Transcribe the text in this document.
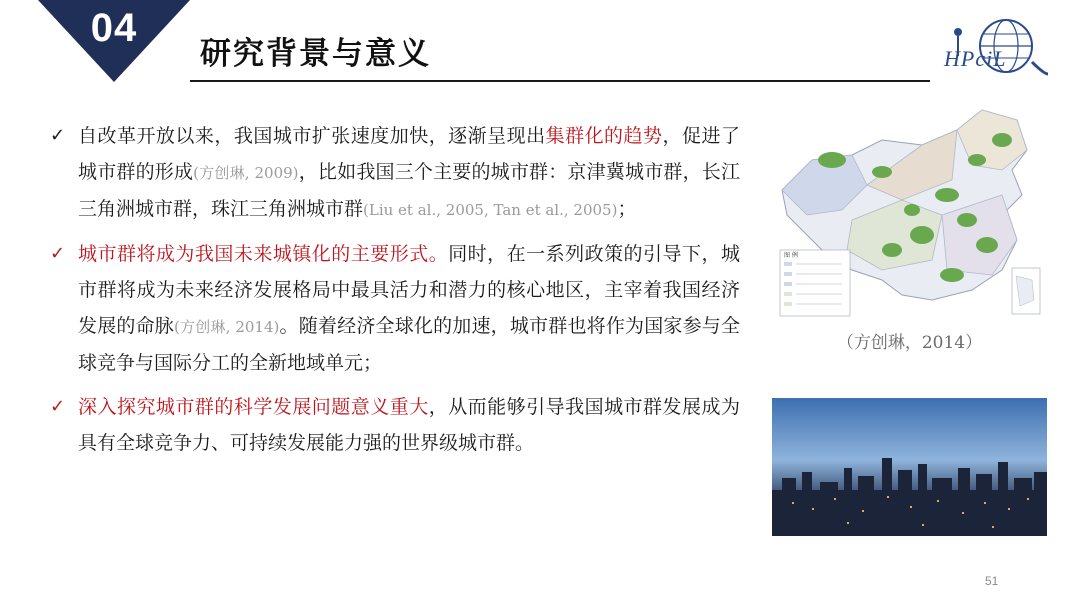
04
研究背景与意义	HPciL
✓ 自改革开放以来，我国城市扩张速度加快，逐渐呈现出集群化的趋势，促进了城市群的形成(方创琳, 2009)，比如我国三个主要的城市群：京津冀城市群，长江三角洲城市群，珠江三角洲城市群(Liu et al., 2005, Tan et al., 2005)；
✓ 城市群将成为我国未来城镇化的主要形式。同时，在一系列政策的引导下，城市群将成为未来经济发展格局中最具活力和潜力的核心地区，主宰着我国经济发展的命脉(方创琳, 2014)。随着经济全球化的加速，城市群也将作为国家参与全球竞争与国际分工的全新地域单元；
✓ 深入探究城市群的科学发展问题意义重大，从而能够引导我国城市群发展成为具有全球竞争力、可持续发展能力强的世界级城市群。
图 例
（方创琳，2014）
51
